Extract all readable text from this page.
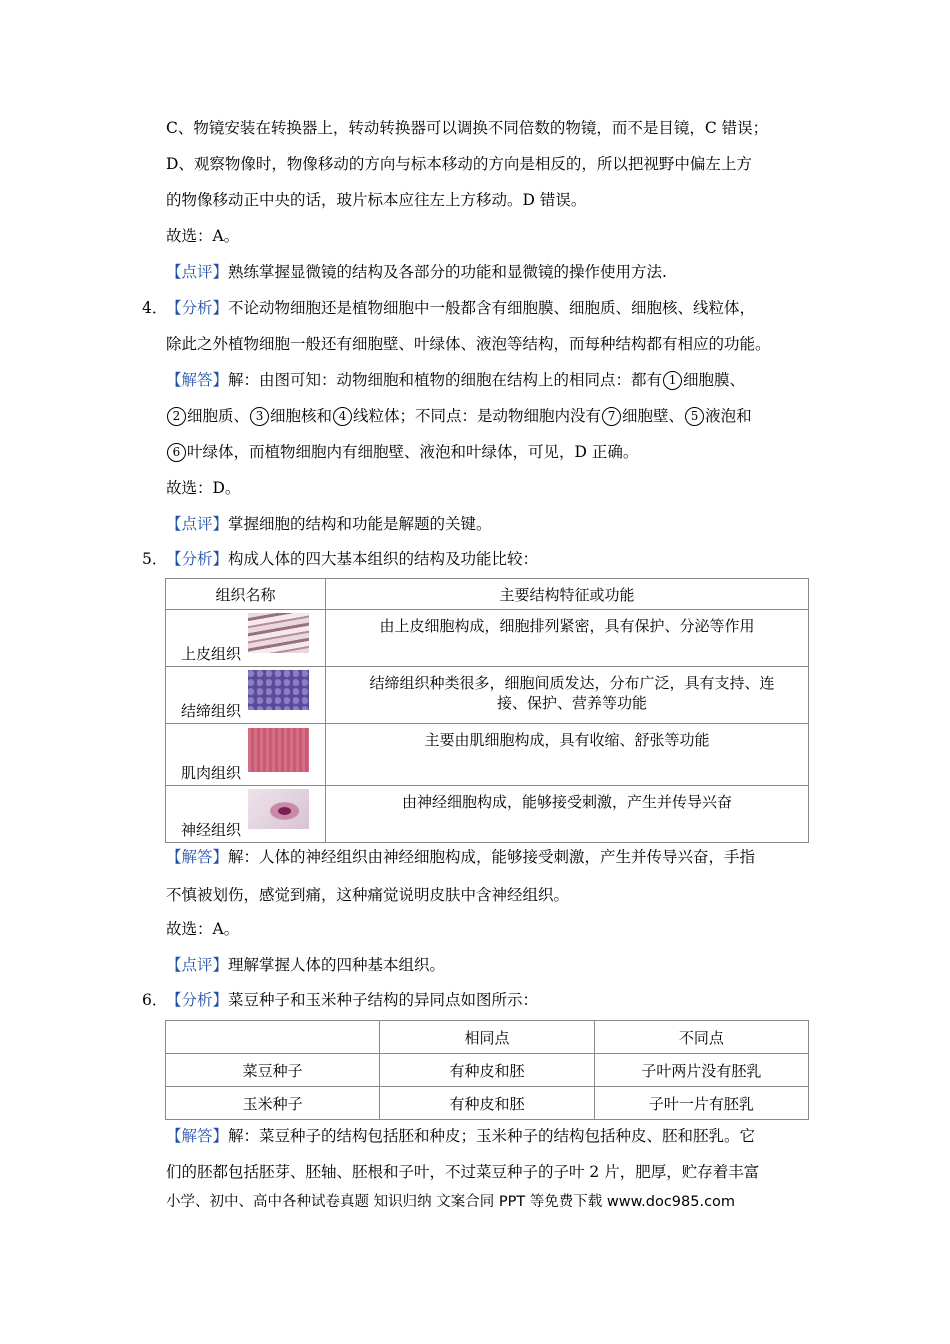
C、物镜安装在转换器上，转动转换器可以调换不同倍数的物镜，而不是目镜，C 错误；
D、观察物像时，物像移动的方向与标本移动的方向是相反的，所以把视野中偏左上方
的物像移动正中央的话，玻片标本应往左上方移动。D 错误。
故选：A。
【点评】熟练掌握显微镜的结构及各部分的功能和显微镜的操作使用方法.
4．
【分析】不论动物细胞还是植物细胞中一般都含有细胞膜、细胞质、细胞核、线粒体，
除此之外植物细胞一般还有细胞壁、叶绿体、液泡等结构，而每种结构都有相应的功能。
【解答】解：由图可知：动物细胞和植物的细胞在结构上的相同点：都有 1 细胞膜、
2 细胞质、 3 细胞核和 4 线粒体；不同点：是动物细胞内没有 7 细胞壁、 5 液泡和
6 叶绿体，而植物细胞内有细胞壁、液泡和叶绿体，可见，D 正确。
故选：D。
【点评】掌握细胞的结构和功能是解题的关键。
5．
【分析】构成人体的四大基本组织的结构及功能比较：
组织名称	主要结构特征或功能

上皮组织	由上皮细胞构成，细胞排列紧密，具有保护、分泌等作用

结缔组织	结缔组织种类很多，细胞间质发达，分布广泛，具有支持、连接、保护、营养等功能

肌肉组织	主要由肌细胞构成，具有收缩、舒张等功能

神经组织	由神经细胞构成，能够接受刺激，产生并传导兴奋
【解答】解：人体的神经组织由神经细胞构成，能够接受刺激，产生并传导兴奋，手指
不慎被划伤，感觉到痛，这种痛觉说明皮肤中含神经组织。
故选：A。
【点评】理解掌握人体的四种基本组织。
6．
【分析】菜豆种子和玉米种子结构的异同点如图所示：
	相同点	不同点
菜豆种子	有种皮和胚	子叶两片没有胚乳
玉米种子	有种皮和胚	子叶一片有胚乳
【解答】解：菜豆种子的结构包括胚和种皮；玉米种子的结构包括种皮、胚和胚乳。它
们的胚都包括胚芽、胚轴、胚根和子叶，不过菜豆种子的子叶 2 片，肥厚，贮存着丰富
小学、初中、高中各种试卷真题 知识归纳 文案合同 PPT 等免费下载 www.doc985.com
